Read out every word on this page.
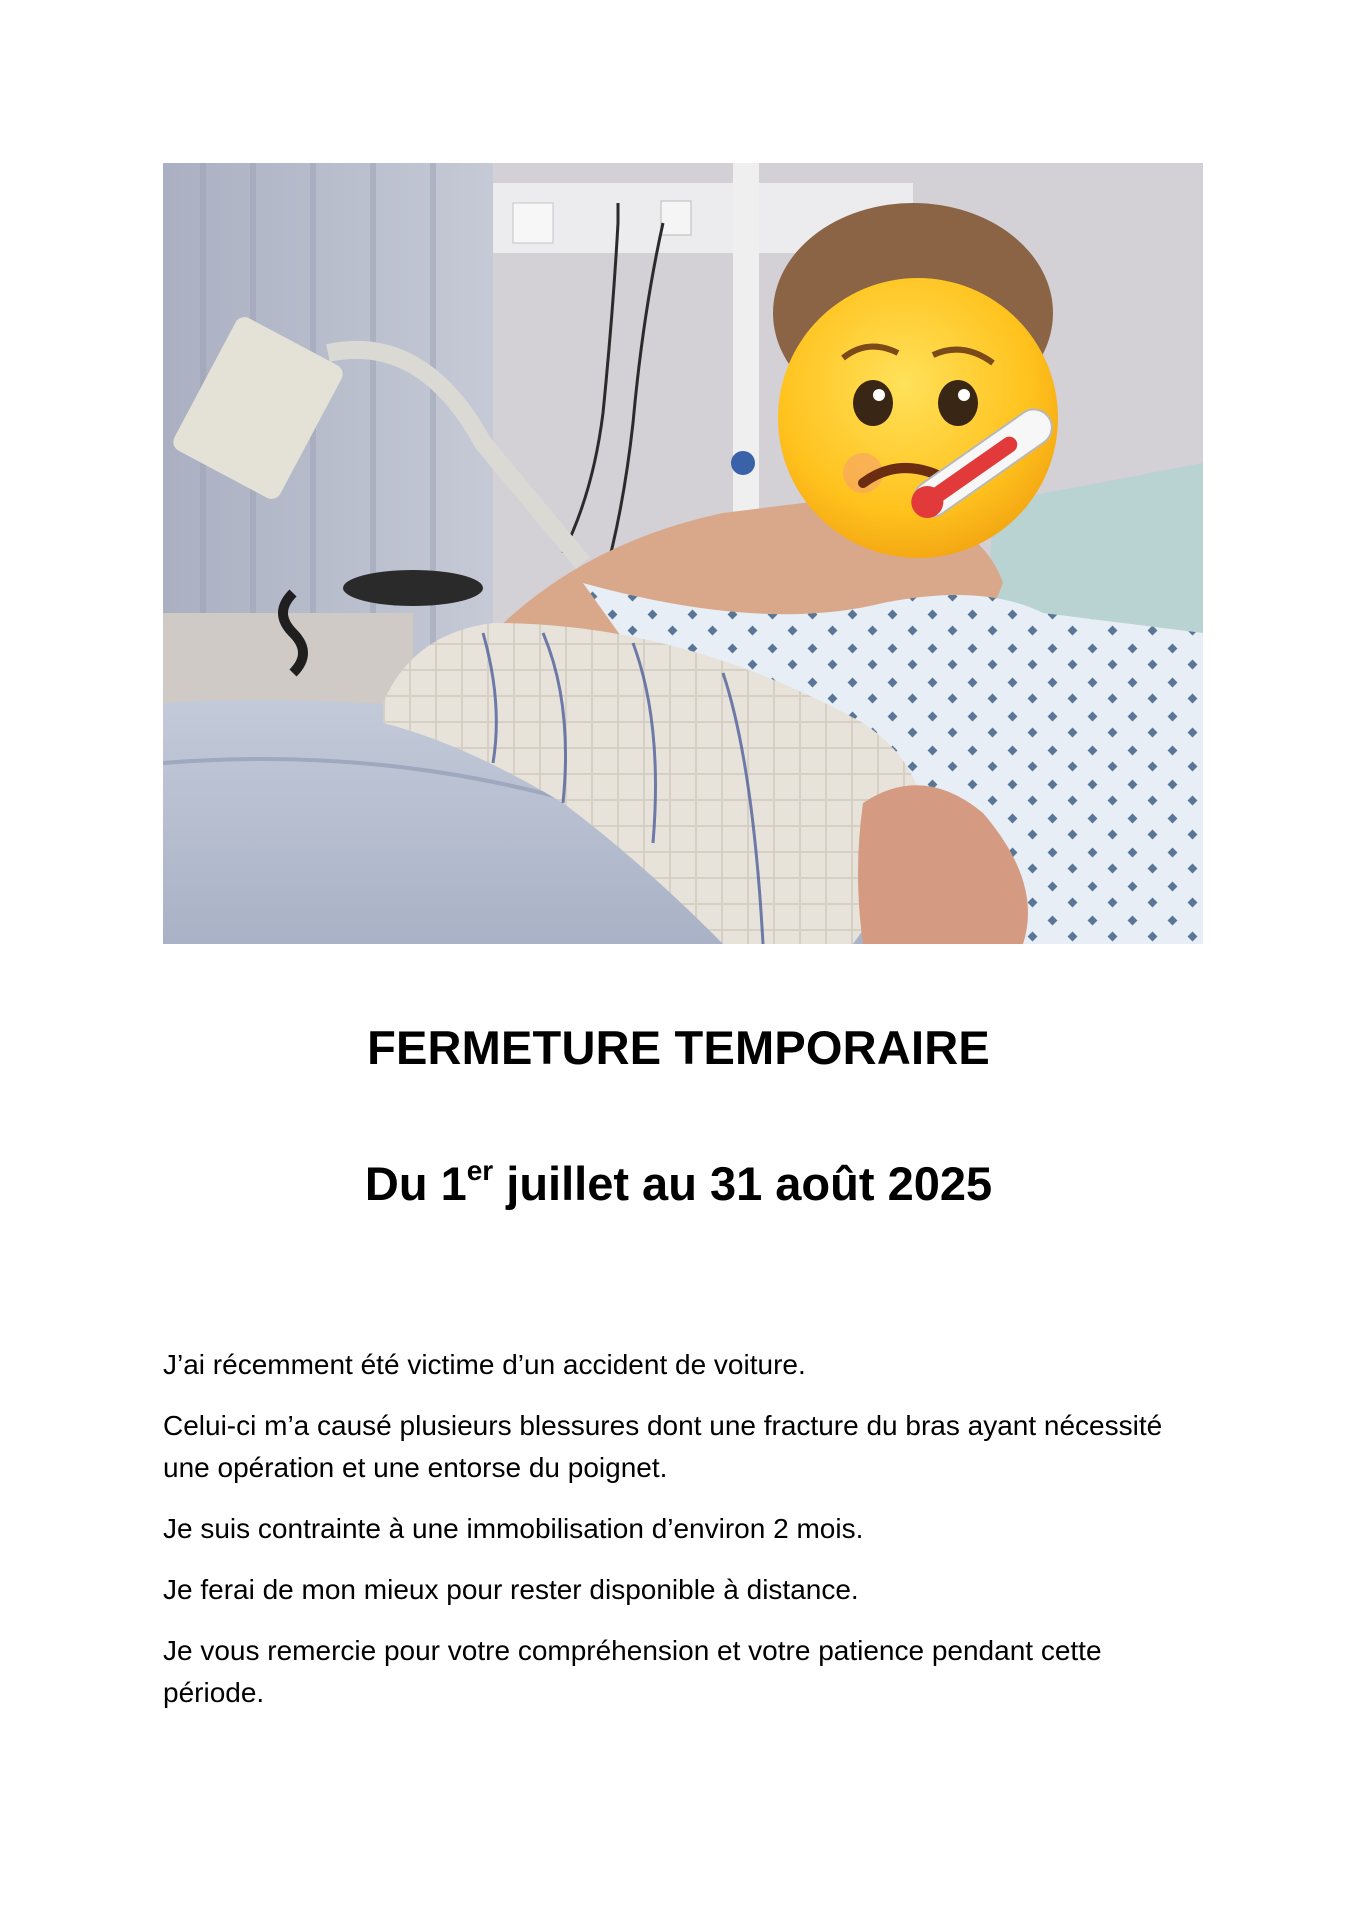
FERMETURE TEMPORAIRE
Du 1er juillet au 31 août 2025

J’ai récemment été victime d’un accident de voiture.

Celui-ci m’a causé plusieurs blessures dont une fracture du bras ayant nécessité une opération et une entorse du poignet.

Je suis contrainte à une immobilisation d’environ 2 mois.

Je ferai de mon mieux pour rester disponible à distance.

Je vous remercie pour votre compréhension et votre patience pendant cette période.
